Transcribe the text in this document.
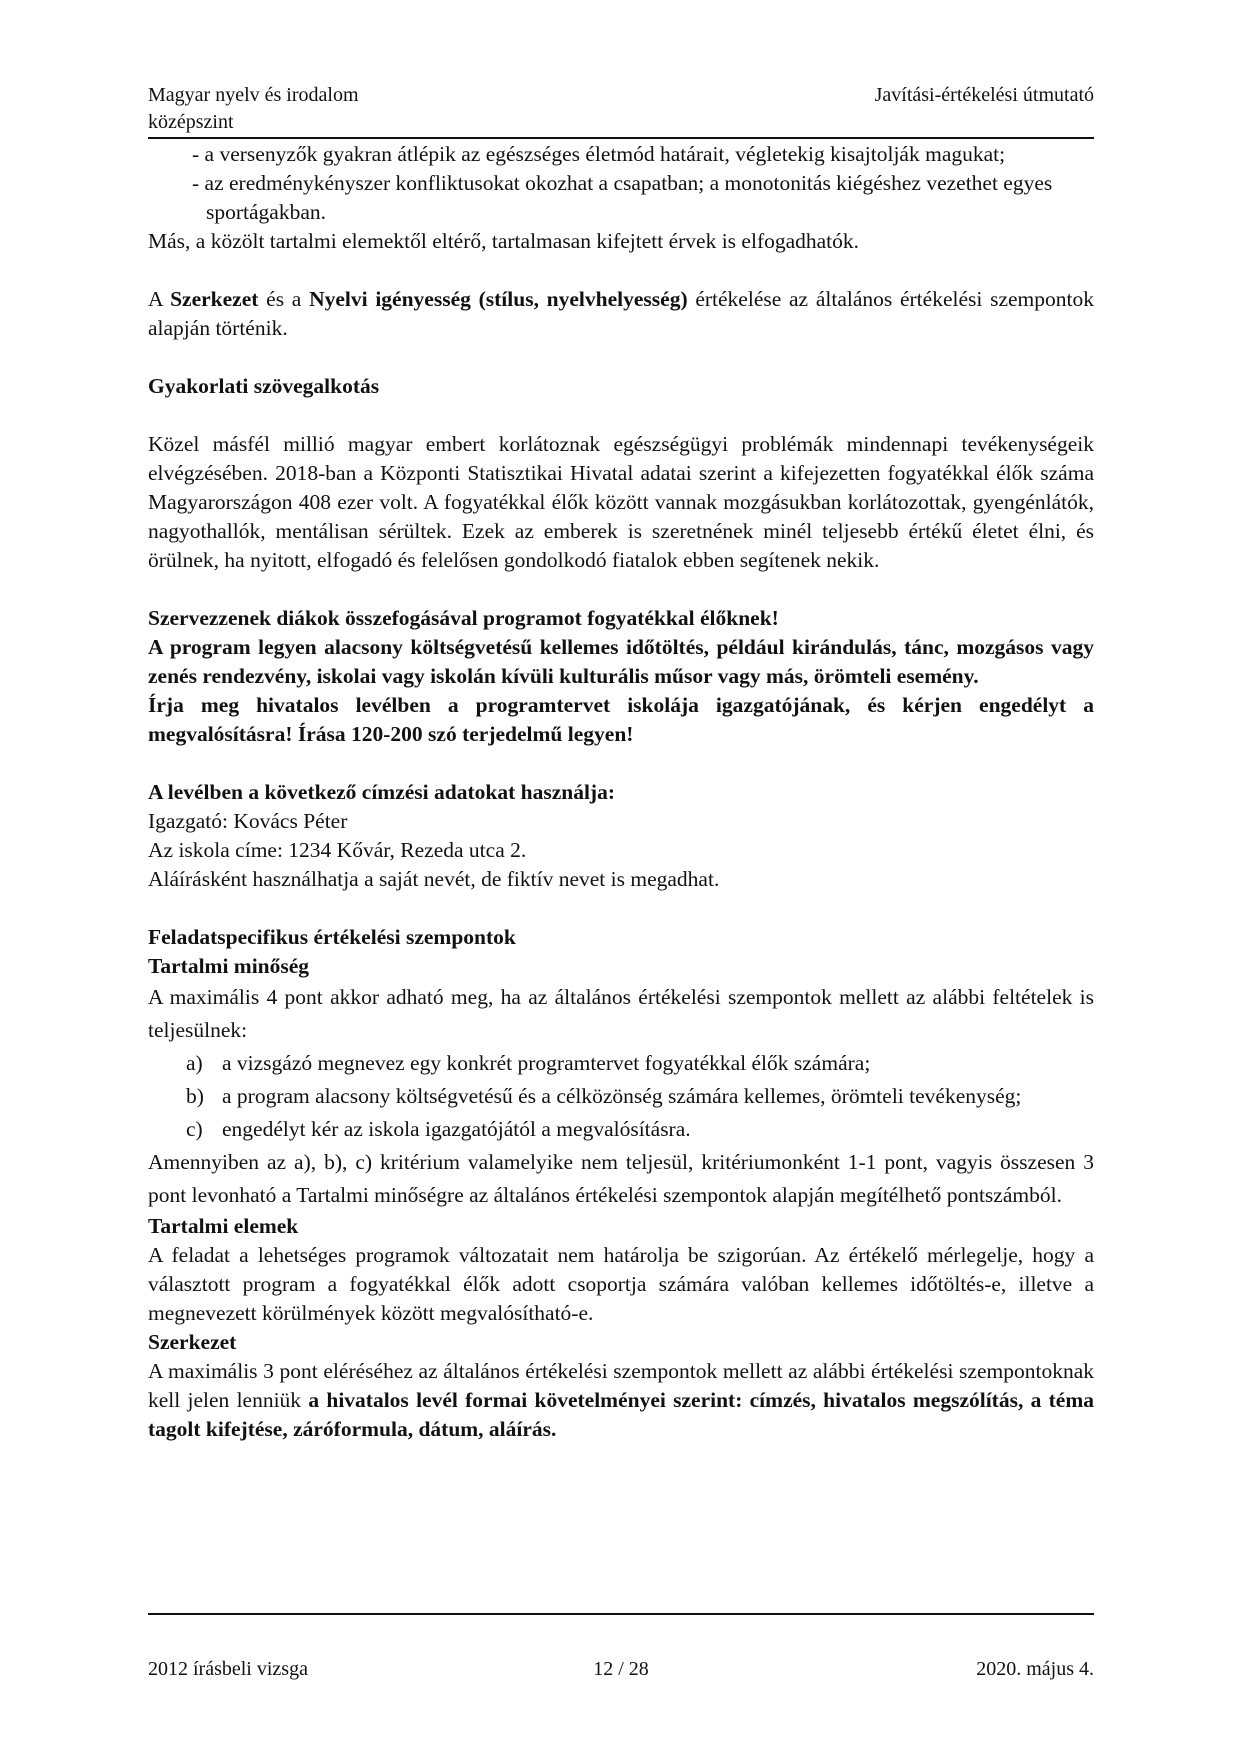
Magyar nyelv és irodalom
középszint
Javítási-értékelési útmutató

- a versenyzők gyakran átlépik az egészséges életmód határait, végletekig kisajtolják magukat;

- az eredménykényszer konfliktusokat okozhat a csapatban; a monotonitás kiégéshez vezethet egyes sportágakban.

Más, a közölt tartalmi elemektől eltérő, tartalmasan kifejtett érvek is elfogadhatók.

A Szerkezet és a Nyelvi igényesség (stílus, nyelvhelyesség) értékelése az általános értékelési szempontok alapján történik.

Gyakorlati szövegalkotás

Közel másfél millió magyar embert korlátoznak egészségügyi problémák mindennapi tevékenységeik elvégzésében. 2018-ban a Központi Statisztikai Hivatal adatai szerint a kifejezetten fogyatékkal élők száma Magyarországon 408 ezer volt. A fogyatékkal élők között vannak mozgásukban korlátozottak, gyengénlátók, nagyothallók, mentálisan sérültek. Ezek az emberek is szeretnének minél teljesebb értékű életet élni, és örülnek, ha nyitott, elfogadó és felelősen gondolkodó fiatalok ebben segítenek nekik.

Szervezzenek diákok összefogásával programot fogyatékkal élőknek!

A program legyen alacsony költségvetésű kellemes időtöltés, például kirándulás, tánc, mozgásos vagy zenés rendezvény, iskolai vagy iskolán kívüli kulturális műsor vagy más, örömteli esemény.

Írja meg hivatalos levélben a programtervet iskolája igazgatójának, és kérjen engedélyt a megvalósításra! Írása 120-200 szó terjedelmű legyen!

A levélben a következő címzési adatokat használja:

Igazgató: Kovács Péter

Az iskola címe: 1234 Kővár, Rezeda utca 2.

Aláírásként használhatja a saját nevét, de fiktív nevet is megadhat.

Feladatspecifikus értékelési szempontok

Tartalmi minőség

A maximális 4 pont akkor adható meg, ha az általános értékelési szempontok mellett az alábbi feltételek is teljesülnek:

a) a vizsgázó megnevez egy konkrét programtervet fogyatékkal élők számára;
b) a program alacsony költségvetésű és a célközönség számára kellemes, örömteli tevékenység;
c) engedélyt kér az iskola igazgatójától a megvalósításra.

Amennyiben az a), b), c) kritérium valamelyike nem teljesül, kritériumonként 1-1 pont, vagyis összesen 3 pont levonható a Tartalmi minőségre az általános értékelési szempontok alapján megítélhető pontszámból.

Tartalmi elemek

A feladat a lehetséges programok változatait nem határolja be szigorúan. Az értékelő mérlegelje, hogy a választott program a fogyatékkal élők adott csoportja számára valóban kellemes időtöltés-e, illetve a megnevezett körülmények között megvalósítható-e.

Szerkezet

A maximális 3 pont eléréséhez az általános értékelési szempontok mellett az alábbi értékelési szempontoknak kell jelen lenniük a hivatalos levél formai követelményei szerint: címzés, hivatalos megszólítás, a téma tagolt kifejtése, záróformula, dátum, aláírás.

2012 írásbeli vizsga	12 / 28	2020. május 4.
